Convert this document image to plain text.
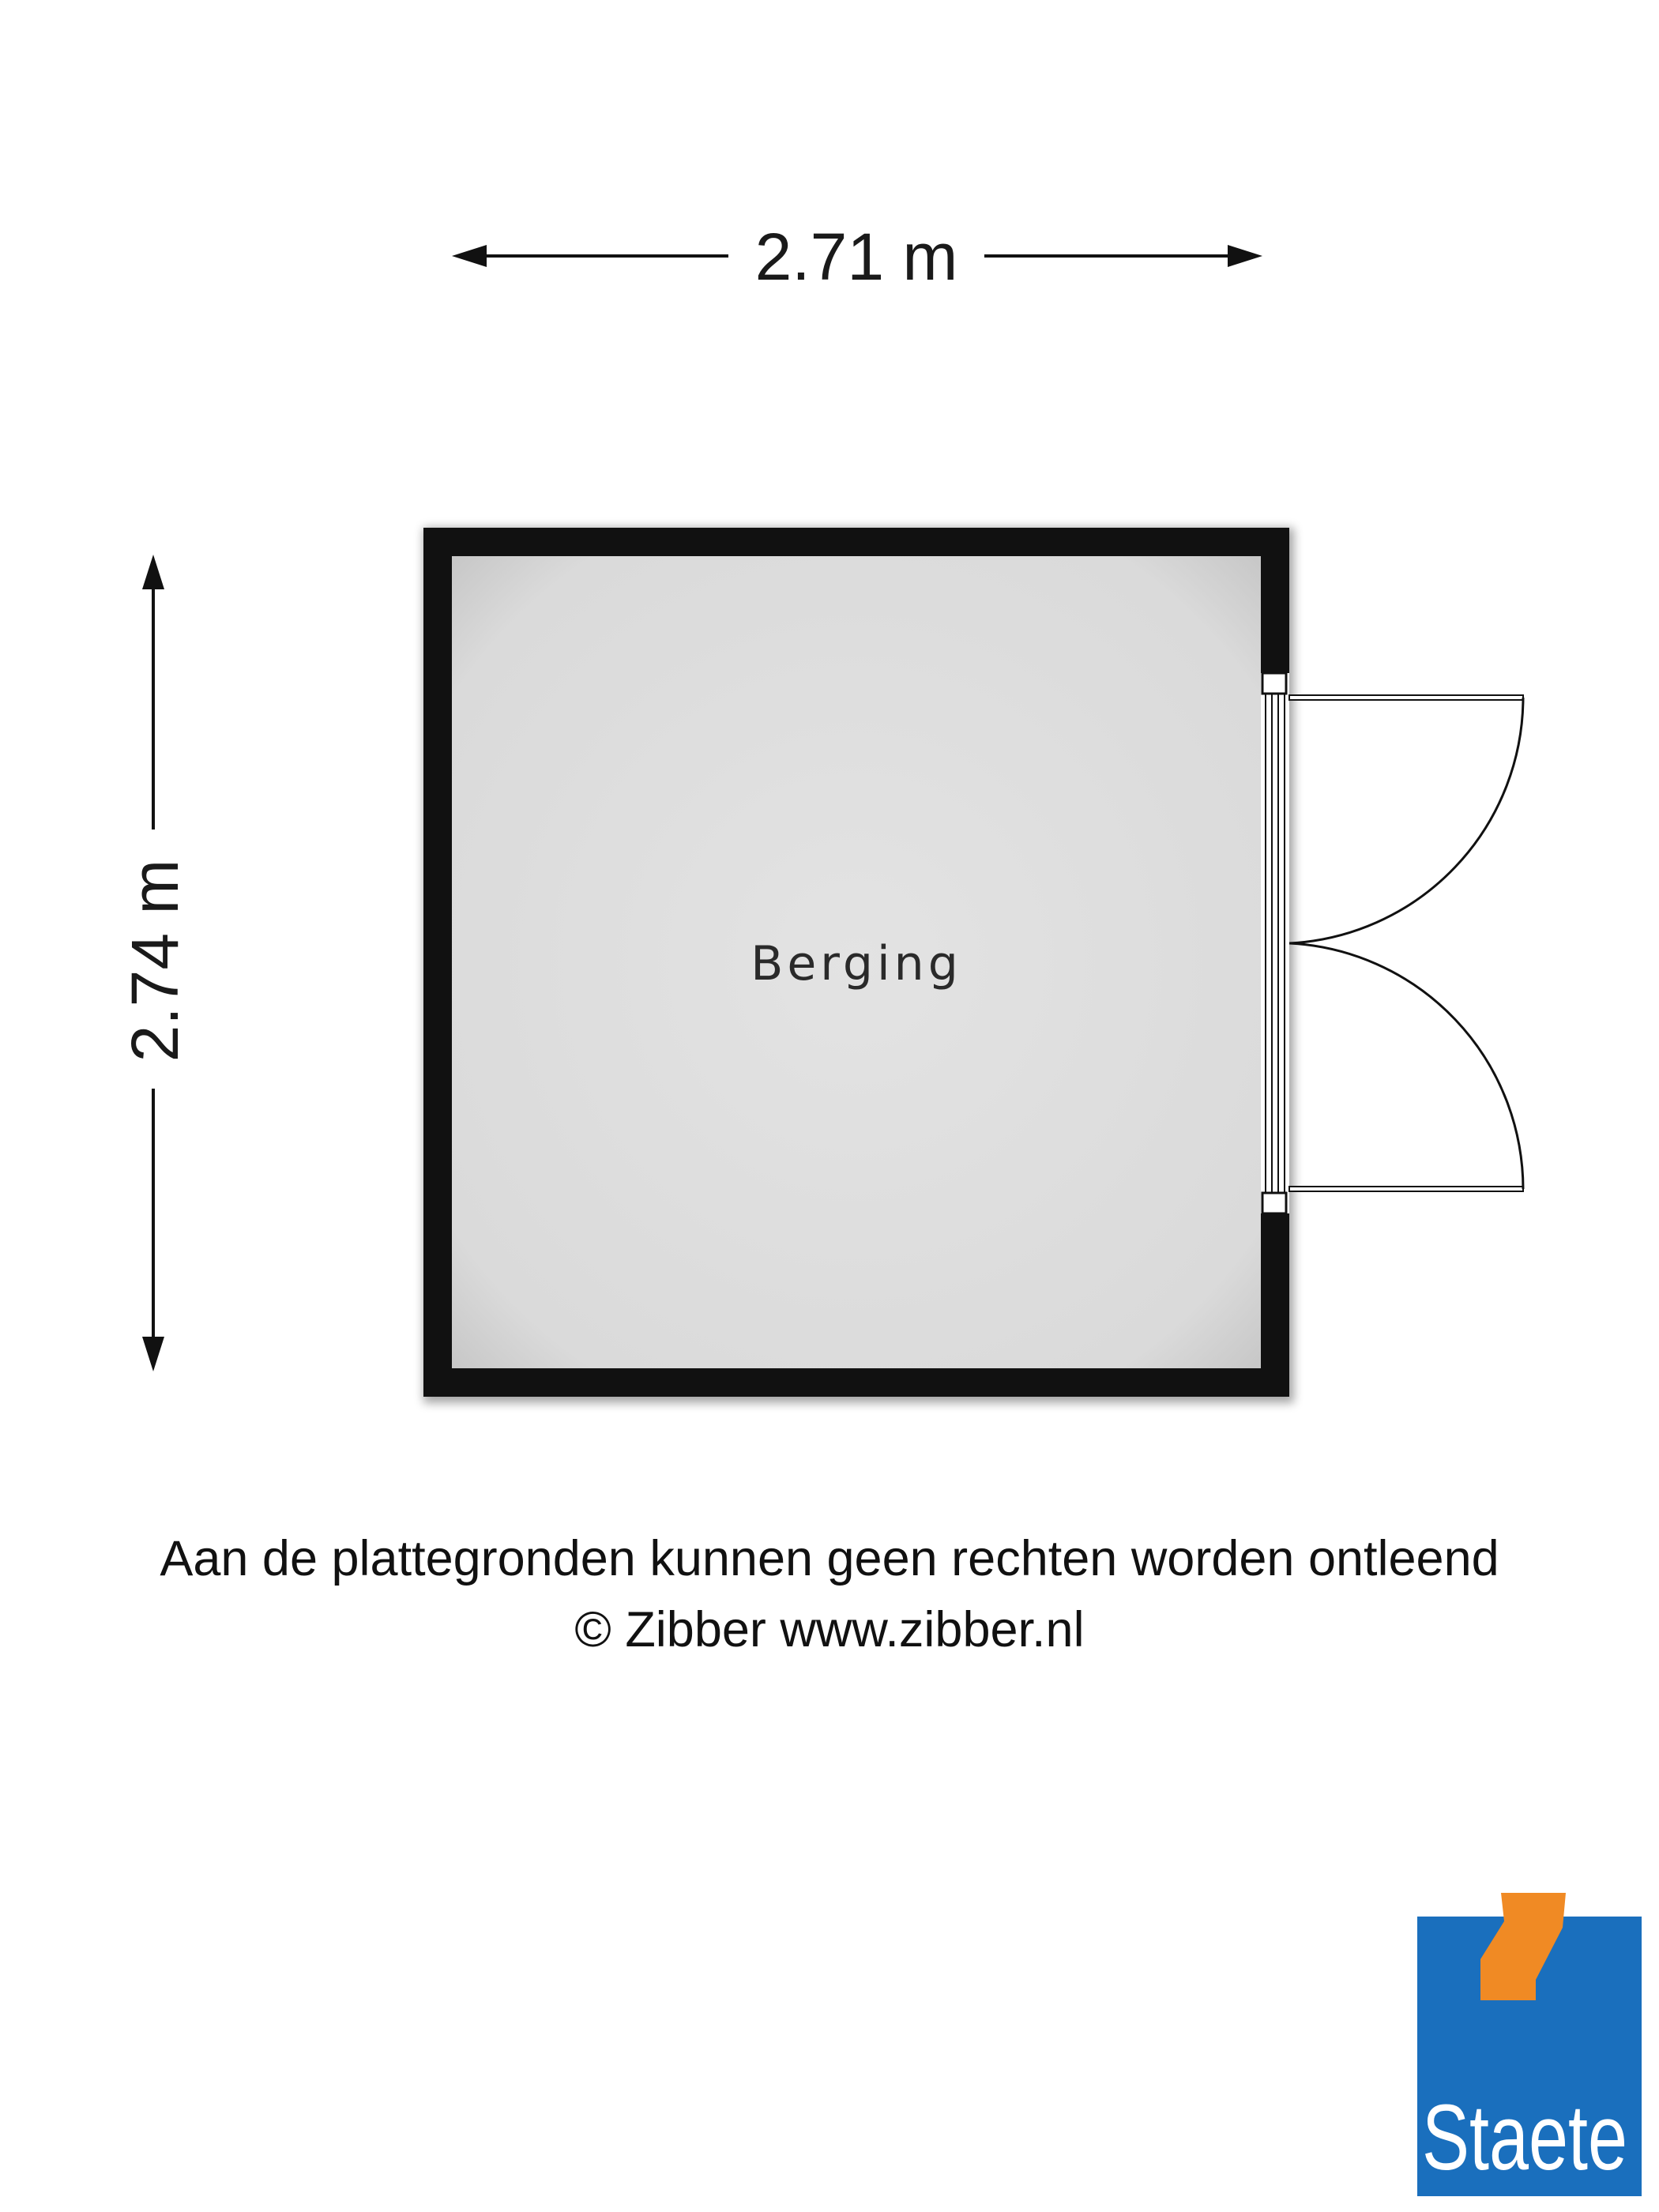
2.71 m
2.74 m	Berging
Staete
Aan de plattegronden kunnen geen rechten worden ontleend
© Zibber www.zibber.nl
